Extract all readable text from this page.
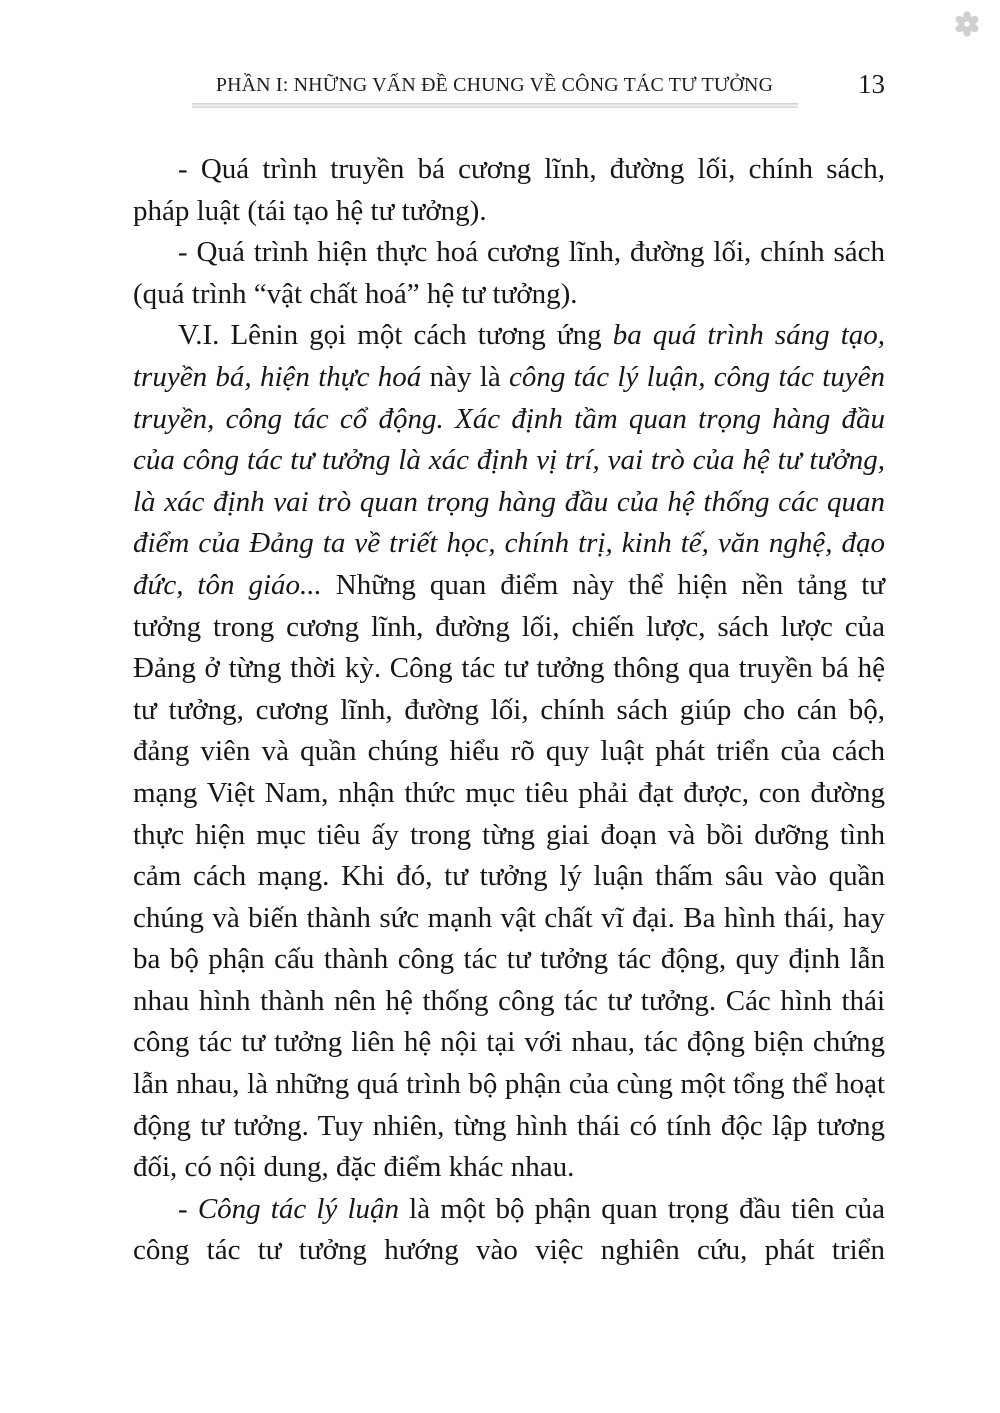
PHẦN I: NHỮNG VẤN ĐỀ CHUNG VỀ CÔNG TÁC TƯ TƯỞNG	13

- Quá trình truyền bá cương lĩnh, đường lối, chính sách, pháp luật (tái tạo hệ tư tưởng).

- Quá trình hiện thực hoá cương lĩnh, đường lối, chính sách (quá trình “vật chất hoá” hệ tư tưởng).

V.I. Lênin gọi một cách tương ứng ba quá trình sáng tạo, truyền bá, hiện thực hoá này là công tác lý luận, công tác tuyên truyền, công tác cổ động. Xác định tầm quan trọng hàng đầu của công tác tư tưởng là xác định vị trí, vai trò của hệ tư tưởng, là xác định vai trò quan trọng hàng đầu của hệ thống các quan điểm của Đảng ta về triết học, chính trị, kinh tế, văn nghệ, đạo đức, tôn giáo... Những quan điểm này thể hiện nền tảng tư tưởng trong cương lĩnh, đường lối, chiến lược, sách lược của Đảng ở từng thời kỳ. Công tác tư tưởng thông qua truyền bá hệ tư tưởng, cương lĩnh, đường lối, chính sách giúp cho cán bộ, đảng viên và quần chúng hiểu rõ quy luật phát triển của cách mạng Việt Nam, nhận thức mục tiêu phải đạt được, con đường thực hiện mục tiêu ấy trong từng giai đoạn và bồi dưỡng tình cảm cách mạng. Khi đó, tư tưởng lý luận thấm sâu vào quần chúng và biến thành sức mạnh vật chất vĩ đại. Ba hình thái, hay ba bộ phận cấu thành công tác tư tưởng tác động, quy định lẫn nhau hình thành nên hệ thống công tác tư tưởng. Các hình thái công tác tư tưởng liên hệ nội tại với nhau, tác động biện chứng lẫn nhau, là những quá trình bộ phận của cùng một tổng thể hoạt động tư tưởng. Tuy nhiên, từng hình thái có tính độc lập tương đối, có nội dung, đặc điểm khác nhau.

- Công tác lý luận là một bộ phận quan trọng đầu tiên của công tác tư tưởng hướng vào việc nghiên cứu, phát triển
